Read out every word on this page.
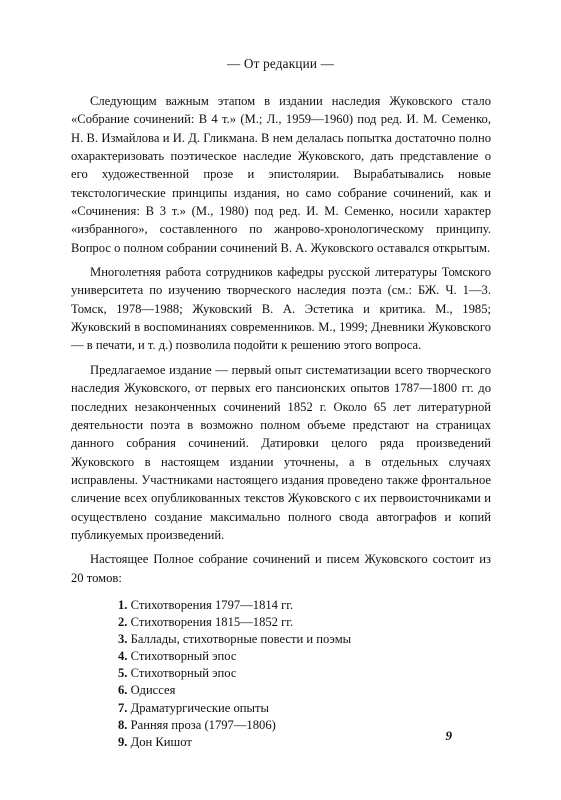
— От редакции —

Следующим важным этапом в издании наследия Жуковского стало «Собрание сочинений: В 4 т.» (М.; Л., 1959—1960) под ред. И. М. Семенко, Н. В. Измайлова и И. Д. Гликмана. В нем делалась попытка достаточно полно охарактеризовать поэтическое наследие Жуковского, дать представление о его художественной прозе и эпистолярии. Вырабатывались новые текстологические принципы издания, но само собрание сочинений, как и «Сочинения: В 3 т.» (М., 1980) под ред. И. М. Семенко, носили характер «избранного», составленного по жанрово-хронологическому принципу. Вопрос о полном собрании сочинений В. А. Жуковского оставался открытым.

Многолетняя работа сотрудников кафедры русской литературы Томского университета по изучению творческого наследия поэта (см.: БЖ. Ч. 1—3. Томск, 1978—1988; Жуковский В. А. Эстетика и критика. М., 1985; Жуковский в воспоминаниях современников. М., 1999; Дневники Жуковского — в печати, и т. д.) позволила подойти к решению этого вопроса.

Предлагаемое издание — первый опыт систематизации всего творческого наследия Жуковского, от первых его пансионских опытов 1787—1800 гг. до последних незаконченных сочинений 1852 г. Около 65 лет литературной деятельности поэта в возможно полном объеме предстают на страницах данного собрания сочинений. Датировки целого ряда произведений Жуковского в настоящем издании уточнены, а в отдельных случаях исправлены. Участниками настоящего издания проведено также фронтальное сличение всех опубликованных текстов Жуковского с их первоисточниками и осуществлено создание максимально полного свода автографов и копий публикуемых произведений.

Настоящее Полное собрание сочинений и писем Жуковского состоит из 20 томов:

1. Стихотворения 1797—1814 гг.
2. Стихотворения 1815—1852 гг.
3. Баллады, стихотворные повести и поэмы
4. Стихотворный эпос
5. Стихотворный эпос
6. Одиссея
7. Драматургические опыты
8. Ранняя проза (1797—1806)
9. Дон Кишот	9
